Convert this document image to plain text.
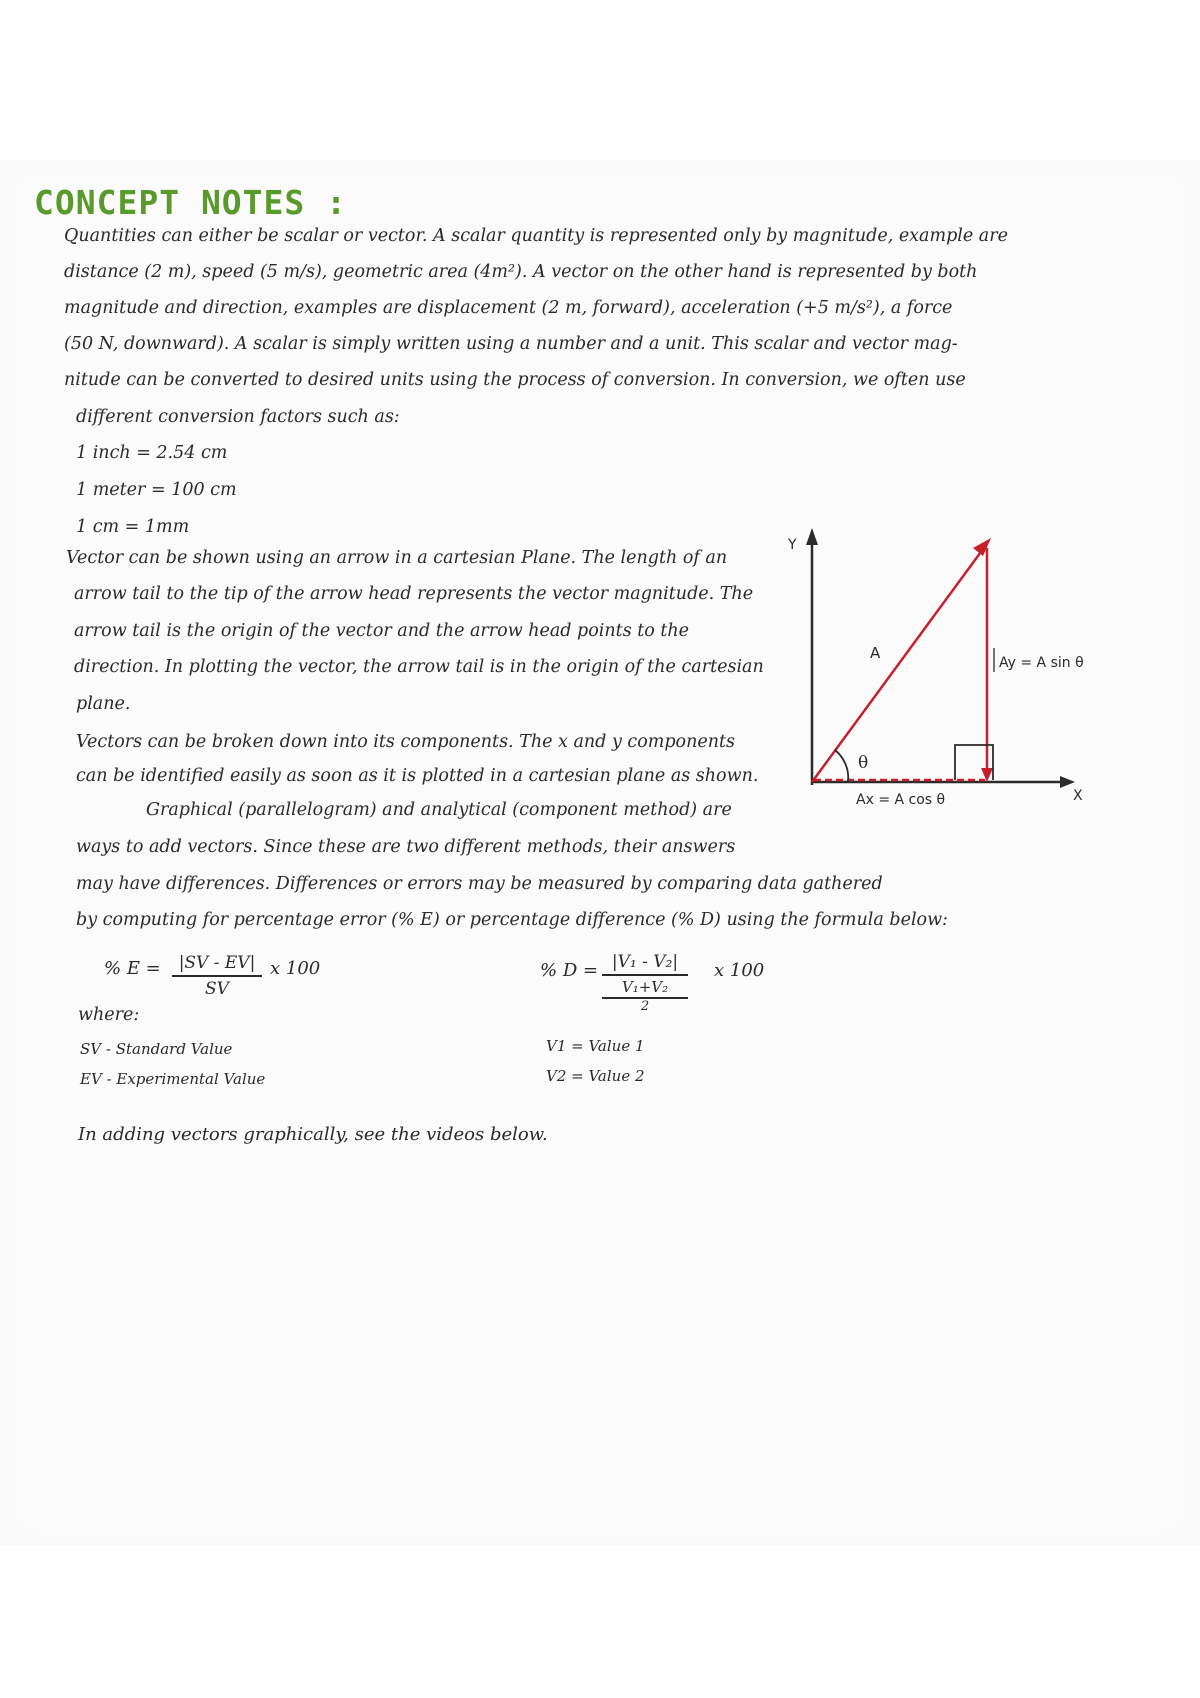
CONCEPT NOTES :
Quantities can either be scalar or vector. A scalar quantity is represented only by magnitude, example are
distance (2 m), speed (5 m/s), geometric area (4m²). A vector on the other hand is represented by both
magnitude and direction, examples are displacement (2 m, forward), acceleration (+5 m/s²), a force
(50 N, downward). A scalar is simply written using a number and a unit. This scalar and vector mag-
nitude can be converted to desired units using the process of conversion. In conversion, we often use
different conversion factors such as:
1 inch = 2.54 cm
1 meter = 100 cm
1 cm = 1mm
Vector can be shown using an arrow in a cartesian Plane. The length of an
arrow tail to the tip of the arrow head represents the vector magnitude. The
arrow tail is the origin of the vector and the arrow head points to the
direction. In plotting the vector, the arrow tail is in the origin of the cartesian
plane.
Vectors can be broken down into its components. The x and y components
can be identified easily as soon as it is plotted in a cartesian plane as shown.
Graphical (parallelogram) and analytical (component method) are
ways to add vectors. Since these are two different methods, their answers
may have differences. Differences or errors may be measured by comparing data gathered
by computing for percentage error (% E) or percentage difference (% D) using the formula below:
Y
X
A
θ
Ax = A cos θ
Ay = A sin θ
% $E = \frac{|SV - EV|}{SV}$ x 100	% D = |V₁ - V₂|
V₁+V₂
2
x 100
where:
SV - Standard Value
EV - Experimental Value
V1 = Value 1
V2 = Value 2
In adding vectors graphically, see the videos below.
